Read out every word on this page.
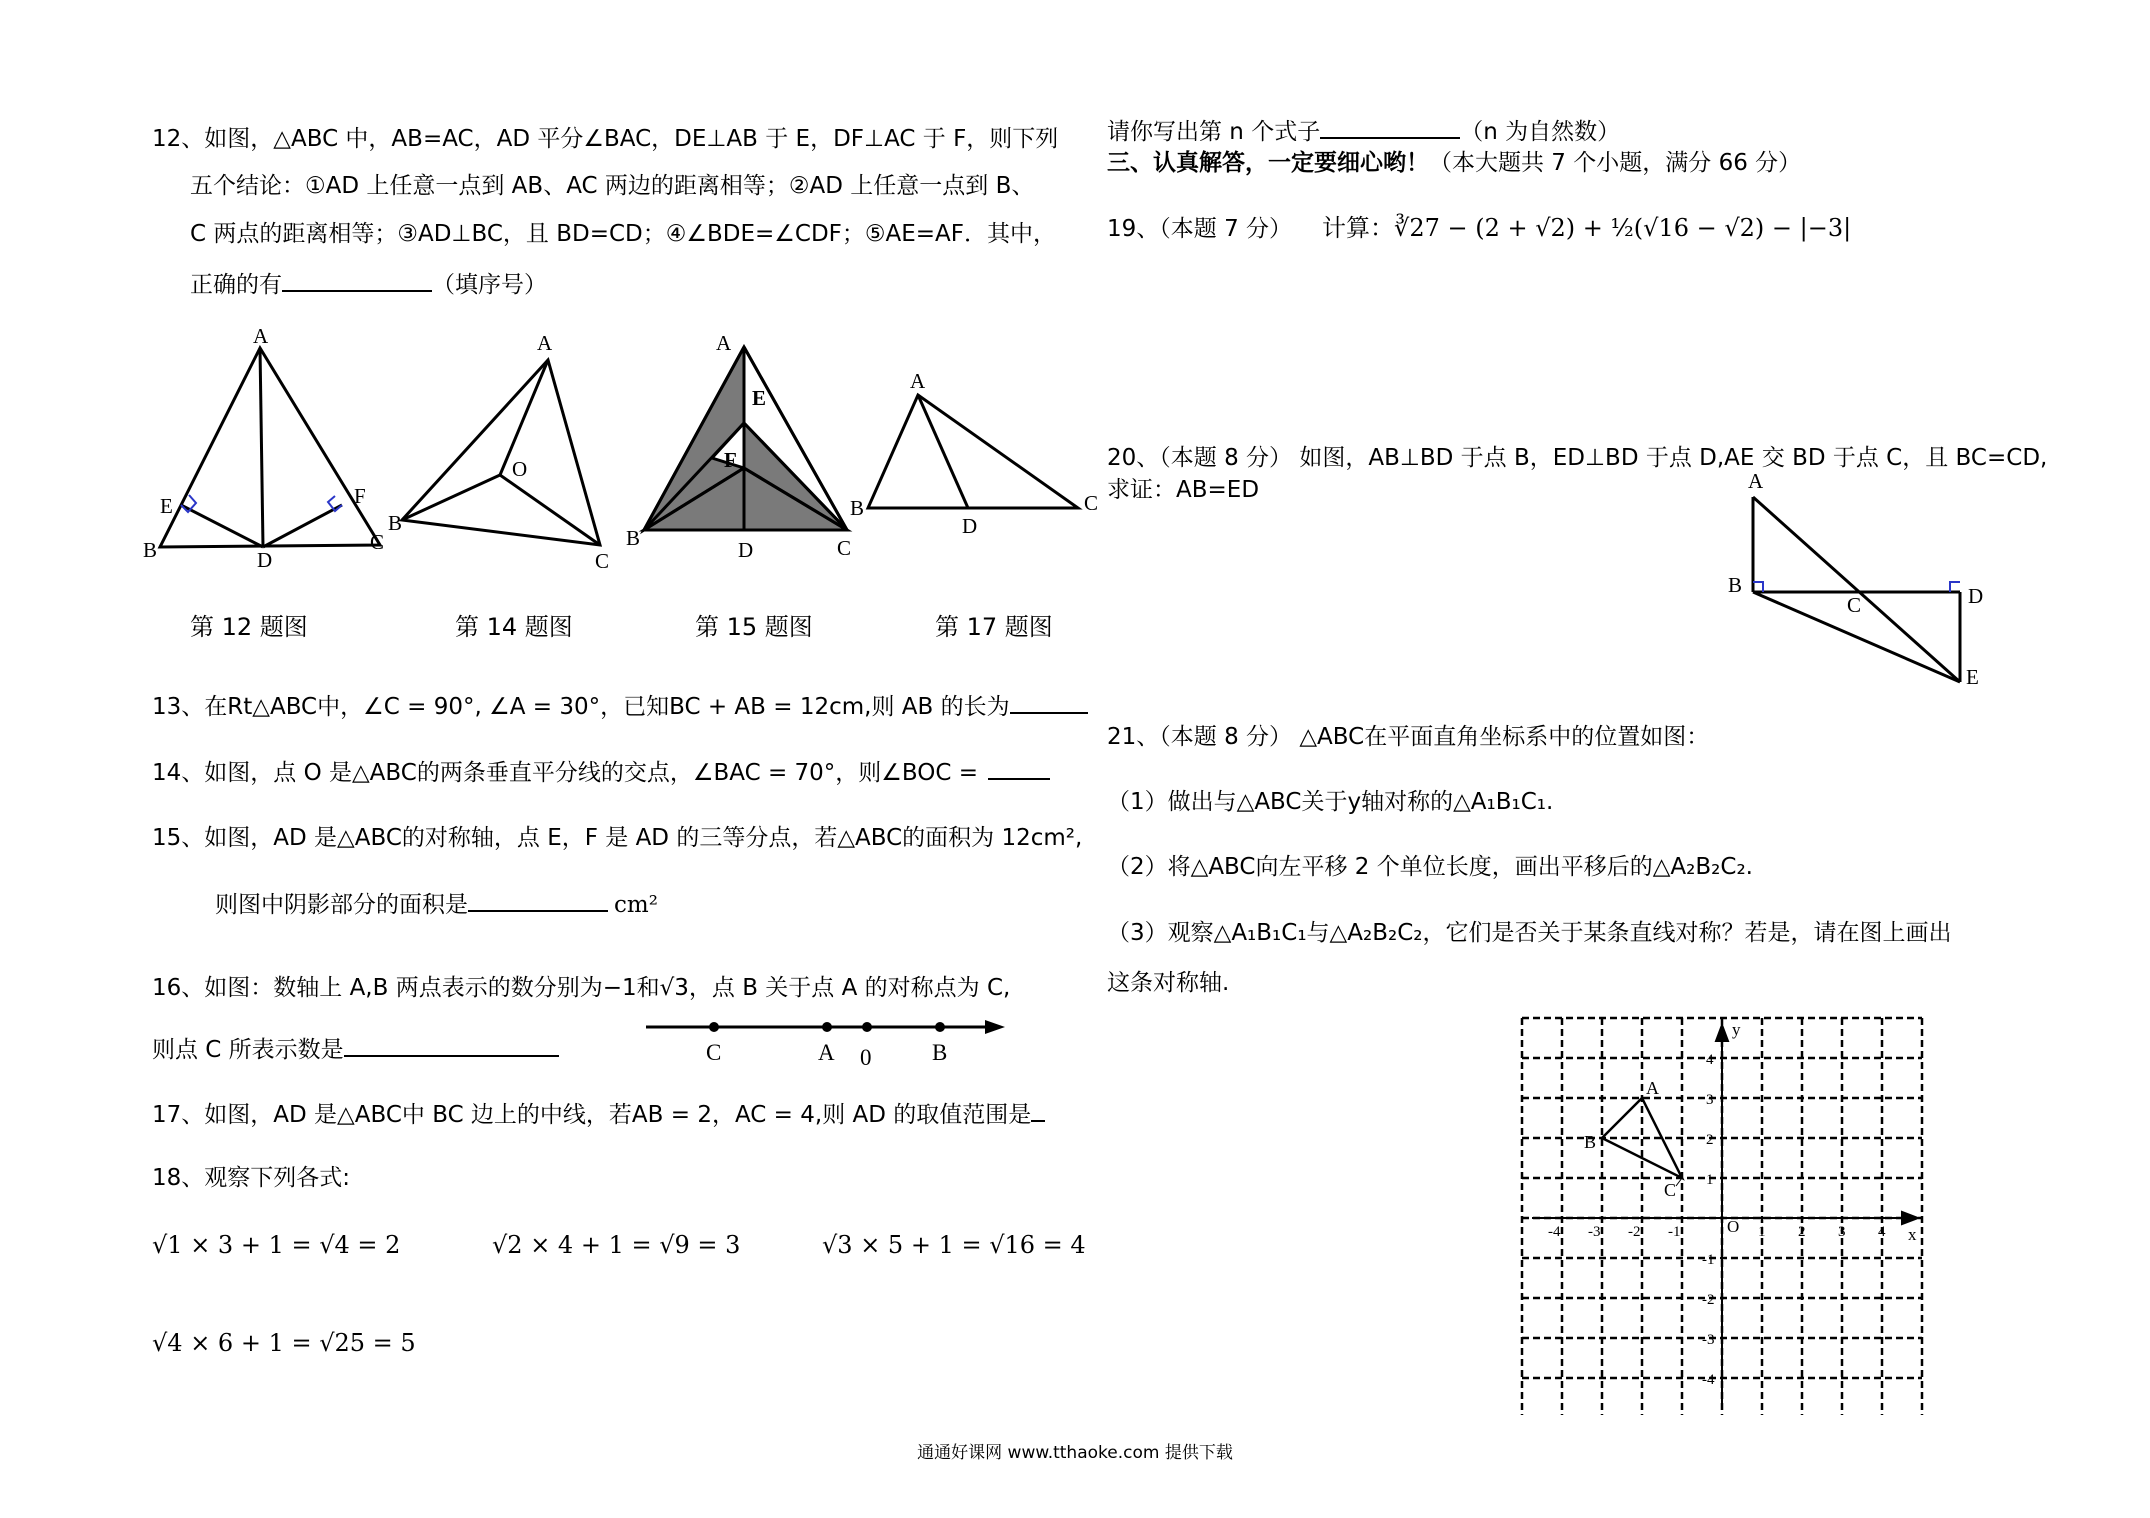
12、如图，△ABC 中，AB=AC，AD 平分∠BAC，DE⊥AB 于 E，DF⊥AC 于 F，则下列
五个结论：①AD 上任意一点到 AB、AC 两边的距离相等；②AD 上任意一点到 B、
C 两点的距离相等；③AD⊥BC，且 BD=CD；④∠BDE=∠CDF；⑤AE=AF．其中，
正确的有	（填序号）
A
B	C
D
E	F
A
B
C
O
A
B	C
D
E
F
A
B	C
D
第 12 题图	第 14 题图	第 15 题图	第 17 题图
13、在Rt△ABC中，∠C = 90°, ∠A = 30°，已知BC + AB = 12cm,则 AB 的长为
14、如图，点 O 是△ABC的两条垂直平分线的交点，∠BAC = 70°，则∠BOC =
15、如图，AD 是△ABC的对称轴，点 E，F 是 AD 的三等分点，若△ABC的面积为 12cm²,
则图中阴影部分的面积是	cm²
16、如图：数轴上 A,B 两点表示的数分别为−1和√3，点 B 关于点 A 的对称点为 C,
则点 C 所表示数是	C	A 0	B
17、如图，AD 是△ABC中 BC 边上的中线，若AB = 2，AC = 4,则 AD 的取值范围是
18、观察下列各式:
√1 × 3 + 1 = √4 = 2	√2 × 4 + 1 = √9 = 3	√3 × 5 + 1 = √16 = 4
√4 × 6 + 1 = √25 = 5
请你写出第 n 个式子	（n 为自然数）
三、认真解答，一定要细心哟！（本大题共 7 个小题，满分 66 分）
19、（本题 7 分） 计算：∛27 − (2 + √2) + ½(√16 − √2) − |−3|
20、（本题 8 分） 如图，AB⊥BD 于点 B，ED⊥BD 于点 D,AE 交 BD 于点 C，且 BC=CD,
求证：AB=ED	A
B
C	D
E
21、（本题 8 分） △ABC在平面直角坐标系中的位置如图：
（1）做出与△ABC关于y轴对称的△A₁B₁C₁.
（2）将△ABC向左平移 2 个单位长度，画出平移后的△A₂B₂C₂.
（3）观察△A₁B₁C₁与△A₂B₂C₂，它们是否关于某条直线对称？若是，请在图上画出
这条对称轴.
-4 -3 -2 -1	1 2 3 4
4
3
2
1
-1
-2
-3
-4
O	x
y
A
B
C
通通好课网 www.tthaoke.com 提供下载
